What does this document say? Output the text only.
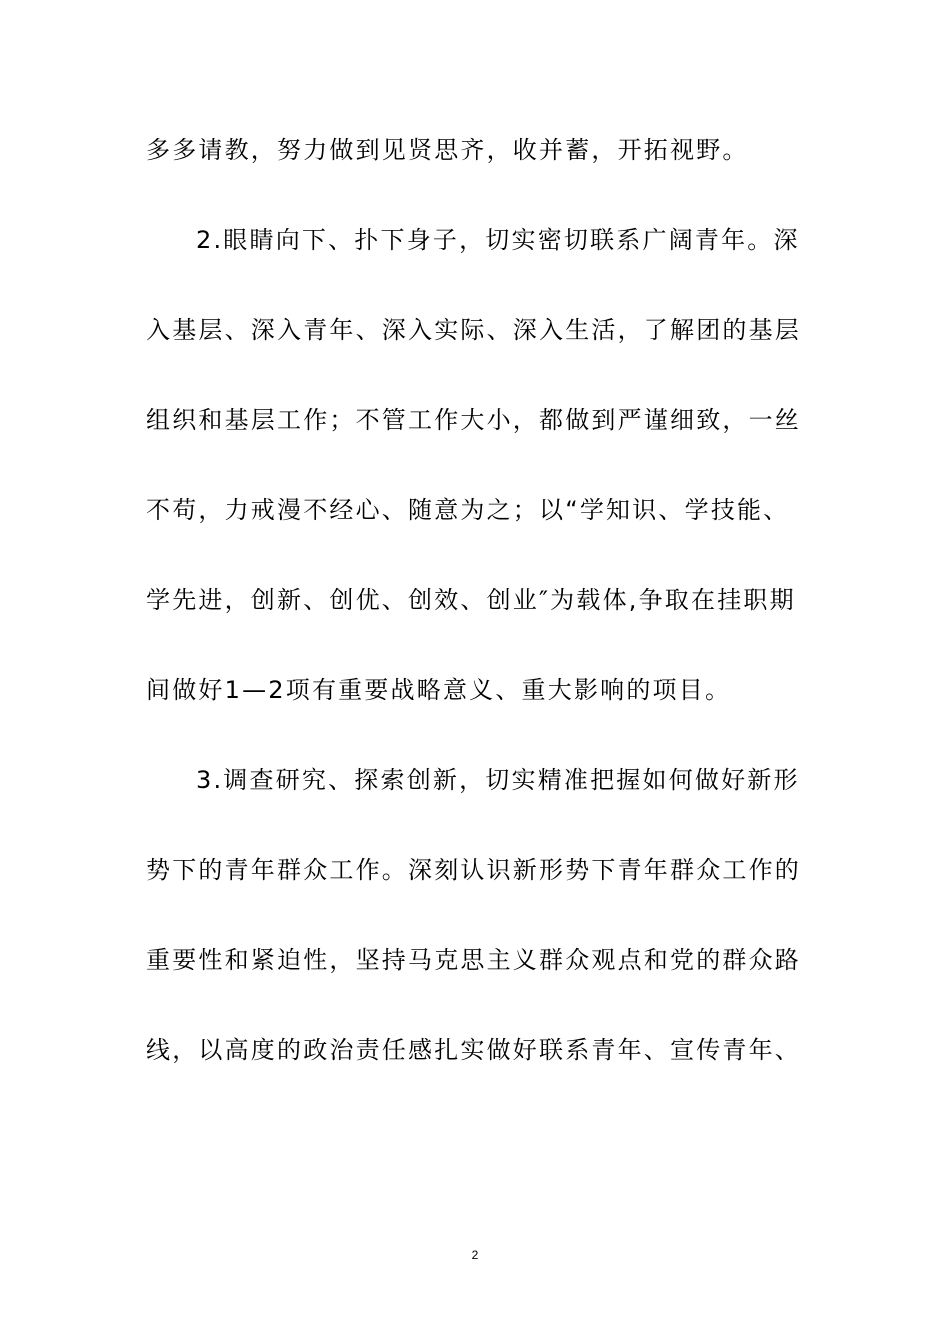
多多请教，努力做到见贤思齐，收并蓄，开拓视野。
2.眼睛向下、扑下身子，切实密切联系广阔青年。深
入基层、深入青年、深入实际、深入生活，了解团的基层
组织和基层工作；不管工作大小，都做到严谨细致，一丝
不苟，力戒漫不经心、随意为之；以“学知识、学技能、
学先进，创新、创优、创效、创业″为载体,争取在挂职期
间做好1—2项有重要战略意义、重大影响的项目。
3.调查研究、探索创新，切实精准把握如何做好新形
势下的青年群众工作。深刻认识新形势下青年群众工作的
重要性和紧迫性，坚持马克思主义群众观点和党的群众路
线，以高度的政治责任感扎实做好联系青年、宣传青年、
2
